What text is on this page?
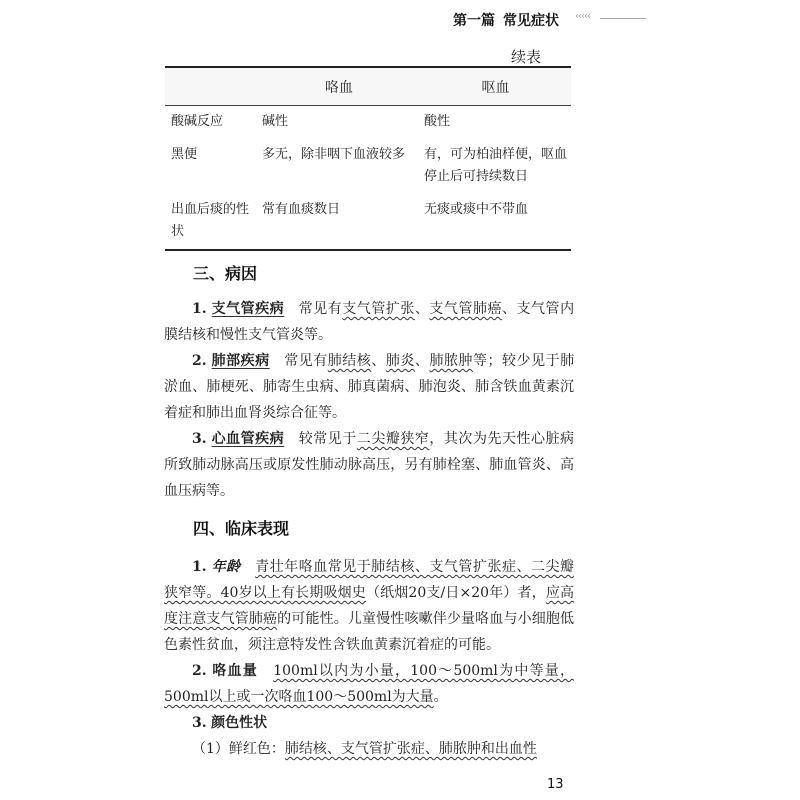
第一篇 常见症状 ‹‹‹‹‹
续表
	咯血	呕血
酸碱反应	碱性	酸性
黑便	多无，除非咽下血液较多	有，可为柏油样便，呕血停止后可持续数日
出血后痰的性状	常有血痰数日	无痰或痰中不带血
三、病因

1. 支气管疾病　 常见有支气管扩张、支气管肺癌、支气管内膜结核和慢性支气管炎等。

2. 肺部疾病　 常见有肺结核、肺炎、肺脓肿等；较少见于肺淤血、肺梗死、肺寄生虫病、肺真菌病、肺泡炎、肺含铁血黄素沉着症和肺出血肾炎综合征等。

3. 心血管疾病　 较常见于二尖瓣狭窄，其次为先天性心脏病所致肺动脉高压或原发性肺动脉高压，另有肺栓塞、肺血管炎、高血压病等。

四、临床表现

1. 年龄　 青壮年咯血常见于肺结核、支气管扩张症、二尖瓣狭窄等。40岁以上有长期吸烟史（纸烟20支/日×20年）者，应高度注意支气管肺癌的可能性。儿童慢性咳嗽伴少量咯血与小细胞低色素性贫血，须注意特发性含铁血黄素沉着症的可能。

2. 咯血量　 100ml以内为小量，100～500ml为中等量，500ml以上或一次咯血100～500ml为大量。

3. 颜色性状

（1）鲜红色：肺结核、支气管扩张症、肺脓肿和出血性

13
